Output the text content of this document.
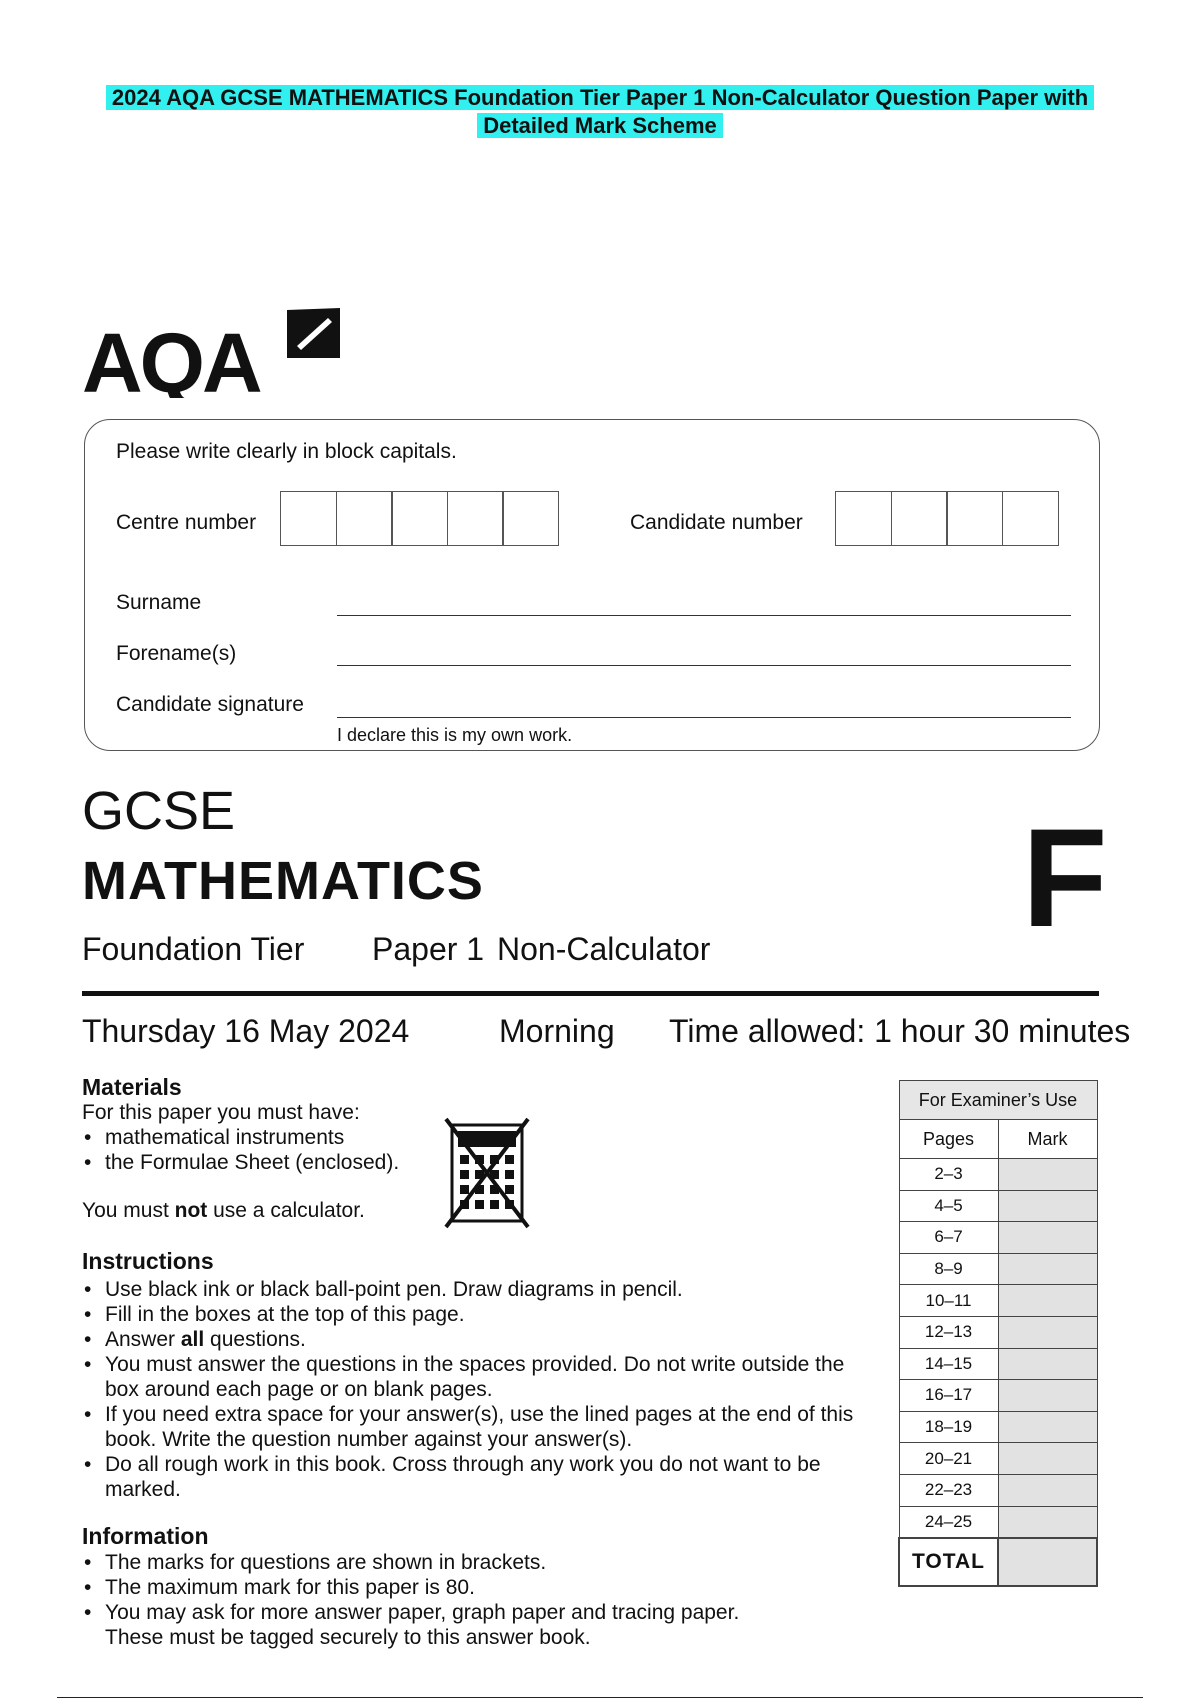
2024 AQA GCSE MATHEMATICS Foundation Tier Paper 1 Non-Calculator Question Paper with
Detailed Mark Scheme
AQA
Please write clearly in block capitals.
Centre number	Candidate number
Surname
Forename(s)
Candidate signature
I declare this is my own work.
GCSE
MATHEMATICS	F
Foundation Tier Paper 1 Non-Calculator
Thursday 16 May 2024	Morning Time allowed: 1 hour 30 minutes
Materials
For this paper you must have:
• mathematical instruments
• the Formulae Sheet (enclosed).
You must not use a calculator.
Instructions
• Use black ink or black ball-point pen. Draw diagrams in pencil.
• Fill in the boxes at the top of this page.
• Answer all questions.
• You must answer the questions in the spaces provided. Do not write outside the box around each page or on blank pages.
• If you need extra space for your answer(s), use the lined pages at the end of this book. Write the question number against your answer(s).
• Do all rough work in this book. Cross through any work you do not want to be marked.
Information
• The marks for questions are shown in brackets.
• The maximum mark for this paper is 80.
• You may ask for more answer paper, graph paper and tracing paper. These must be tagged securely to this answer book.
For Examiner’s Use	
Pages	Mark
2–3	
4–5	
6–7	
8–9	
10–11	
12–13	
14–15	
16–17	
18–19	
20–21	
22–23	
24–25	
TOTAL	
